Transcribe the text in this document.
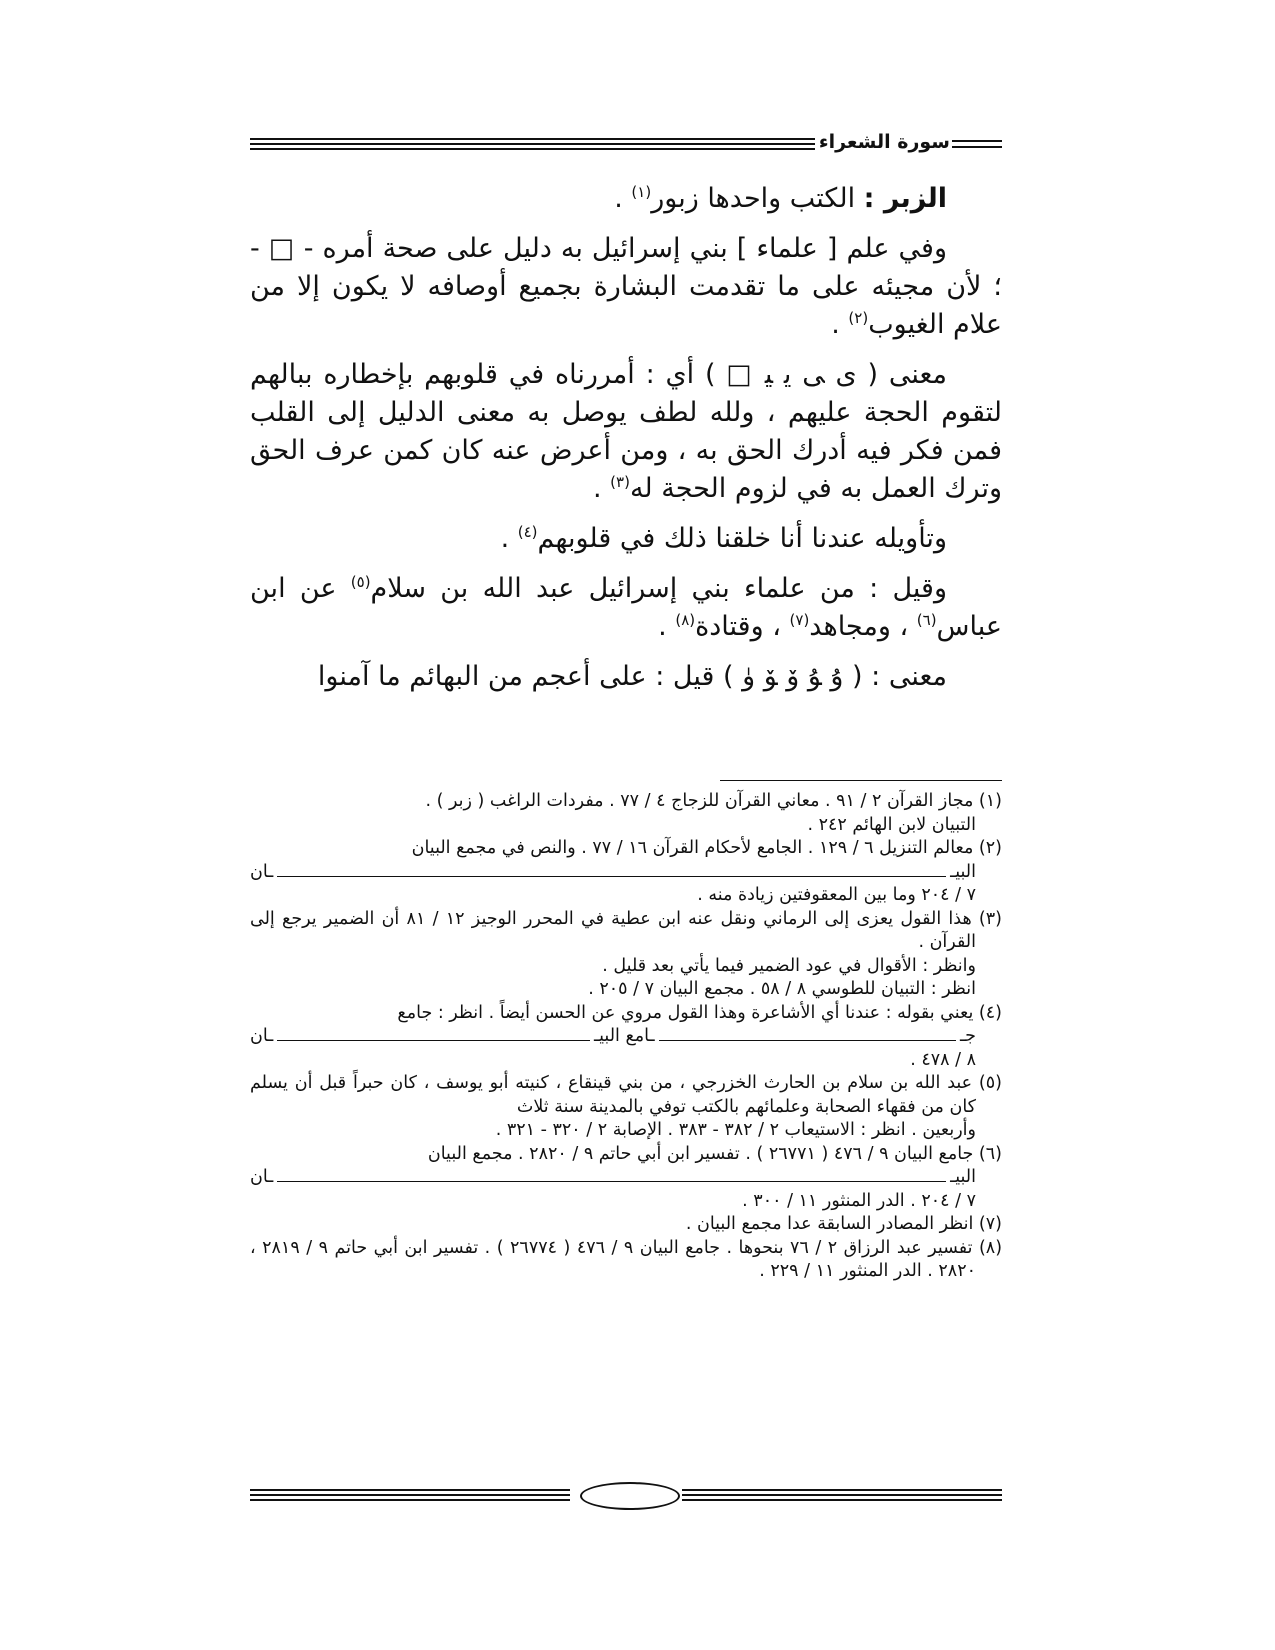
سورة الشعراء

الزبر : الكتب واحدها زبور$^{(١)}$ .

وفي علم [ علماء ] بني إسرائيل به دليل على صحة أمره - □ - ؛ لأن مجيئه على ما تقدمت البشارة بجميع أوصافه لا يكون إلا من علام الغيوب$^{(٢)}$ .

معنى ( ﯼ ﯽ ﯾ ﯿ □ ) أي : أمررناه في قلوبهم بإخطاره ببالهم لتقوم الحجة عليهم ، ولله لطف يوصل به معنى الدليل إلى القلب فمن فكر فيه أدرك الحق به ، ومن أعرض عنه كان كمن عرف الحق وترك العمل به في لزوم الحجة له$^{(٣)}$ .

وتأويله عندنا أنا خلقنا ذلك في قلوبهم$^{(٤)}$ .

وقيل : من علماء بني إسرائيل عبد الله بن سلام$^{(٥)}$ عن ابن عباس$^{(٦)}$ ، ومجاهد$^{(٧)}$ ، وقتادة$^{(٨)}$ .

معنى : ( ﯗ ﯘ ﯙ ﯚ ﯛ ) قيل : على أعجم من البهائم ما آمنوا

(١) مجاز القرآن ٢ / ٩١ . معاني القرآن للزجاج ٤ / ٧٧ . مفردات الراغب ( زبر ) .

التبيان لابن الهائم ٢٤٢ .

(٢) معالم التنزيل ٦ / ١٢٩ . الجامع لأحكام القرآن ١٦ / ٧٧ . والنص في مجمع البيان

البيـ
ـان

٧ / ٢٠٤ وما بين المعقوفتين زيادة منه .

(٣) هذا القول يعزى إلى الرماني ونقل عنه ابن عطية في المحرر الوجيز ١٢ / ٨١ أن الضمير يرجع إلى القرآن .

وانظر : الأقوال في عود الضمير فيما يأتي بعد قليل .

انظر : التبيان للطوسي ٨ / ٥٨ . مجمع البيان ٧ / ٢٠٥ .

(٤) يعني بقوله : عندنا أي الأشاعرة وهذا القول مروي عن الحسن أيضاً . انظر : جامع

جـ
ـامع البيـ
ـان

٨ / ٤٧٨ .

(٥) عبد الله بن سلام بن الحارث الخزرجي ، من بني قينقاع ، كنيته أبو يوسف ، كان حبراً قبل أن يسلم كان من فقهاء الصحابة وعلمائهم بالكتب توفي بالمدينة سنة ثلاث

وأربعين . انظر : الاستيعاب ٢ / ٣٨٢ - ٣٨٣ . الإصابة ٢ / ٣٢٠ - ٣٢١ .

(٦) جامع البيان ٩ / ٤٧٦ ( ٢٦٧٧١ ) . تفسير ابن أبي حاتم ٩ / ٢٨٢٠ . مجمع البيان

البيـ
ـان

٧ / ٢٠٤ . الدر المنثور ١١ / ٣٠٠ .

(٧) انظر المصادر السابقة عدا مجمع البيان .

(٨) تفسير عبد الرزاق ٢ / ٧٦ بنحوها . جامع البيان ٩ / ٤٧٦ ( ٢٦٧٧٤ ) . تفسير ابن أبي حاتم ٩ / ٢٨١٩ ، ٢٨٢٠ . الدر المنثور ١١ / ٢٢٩ .
